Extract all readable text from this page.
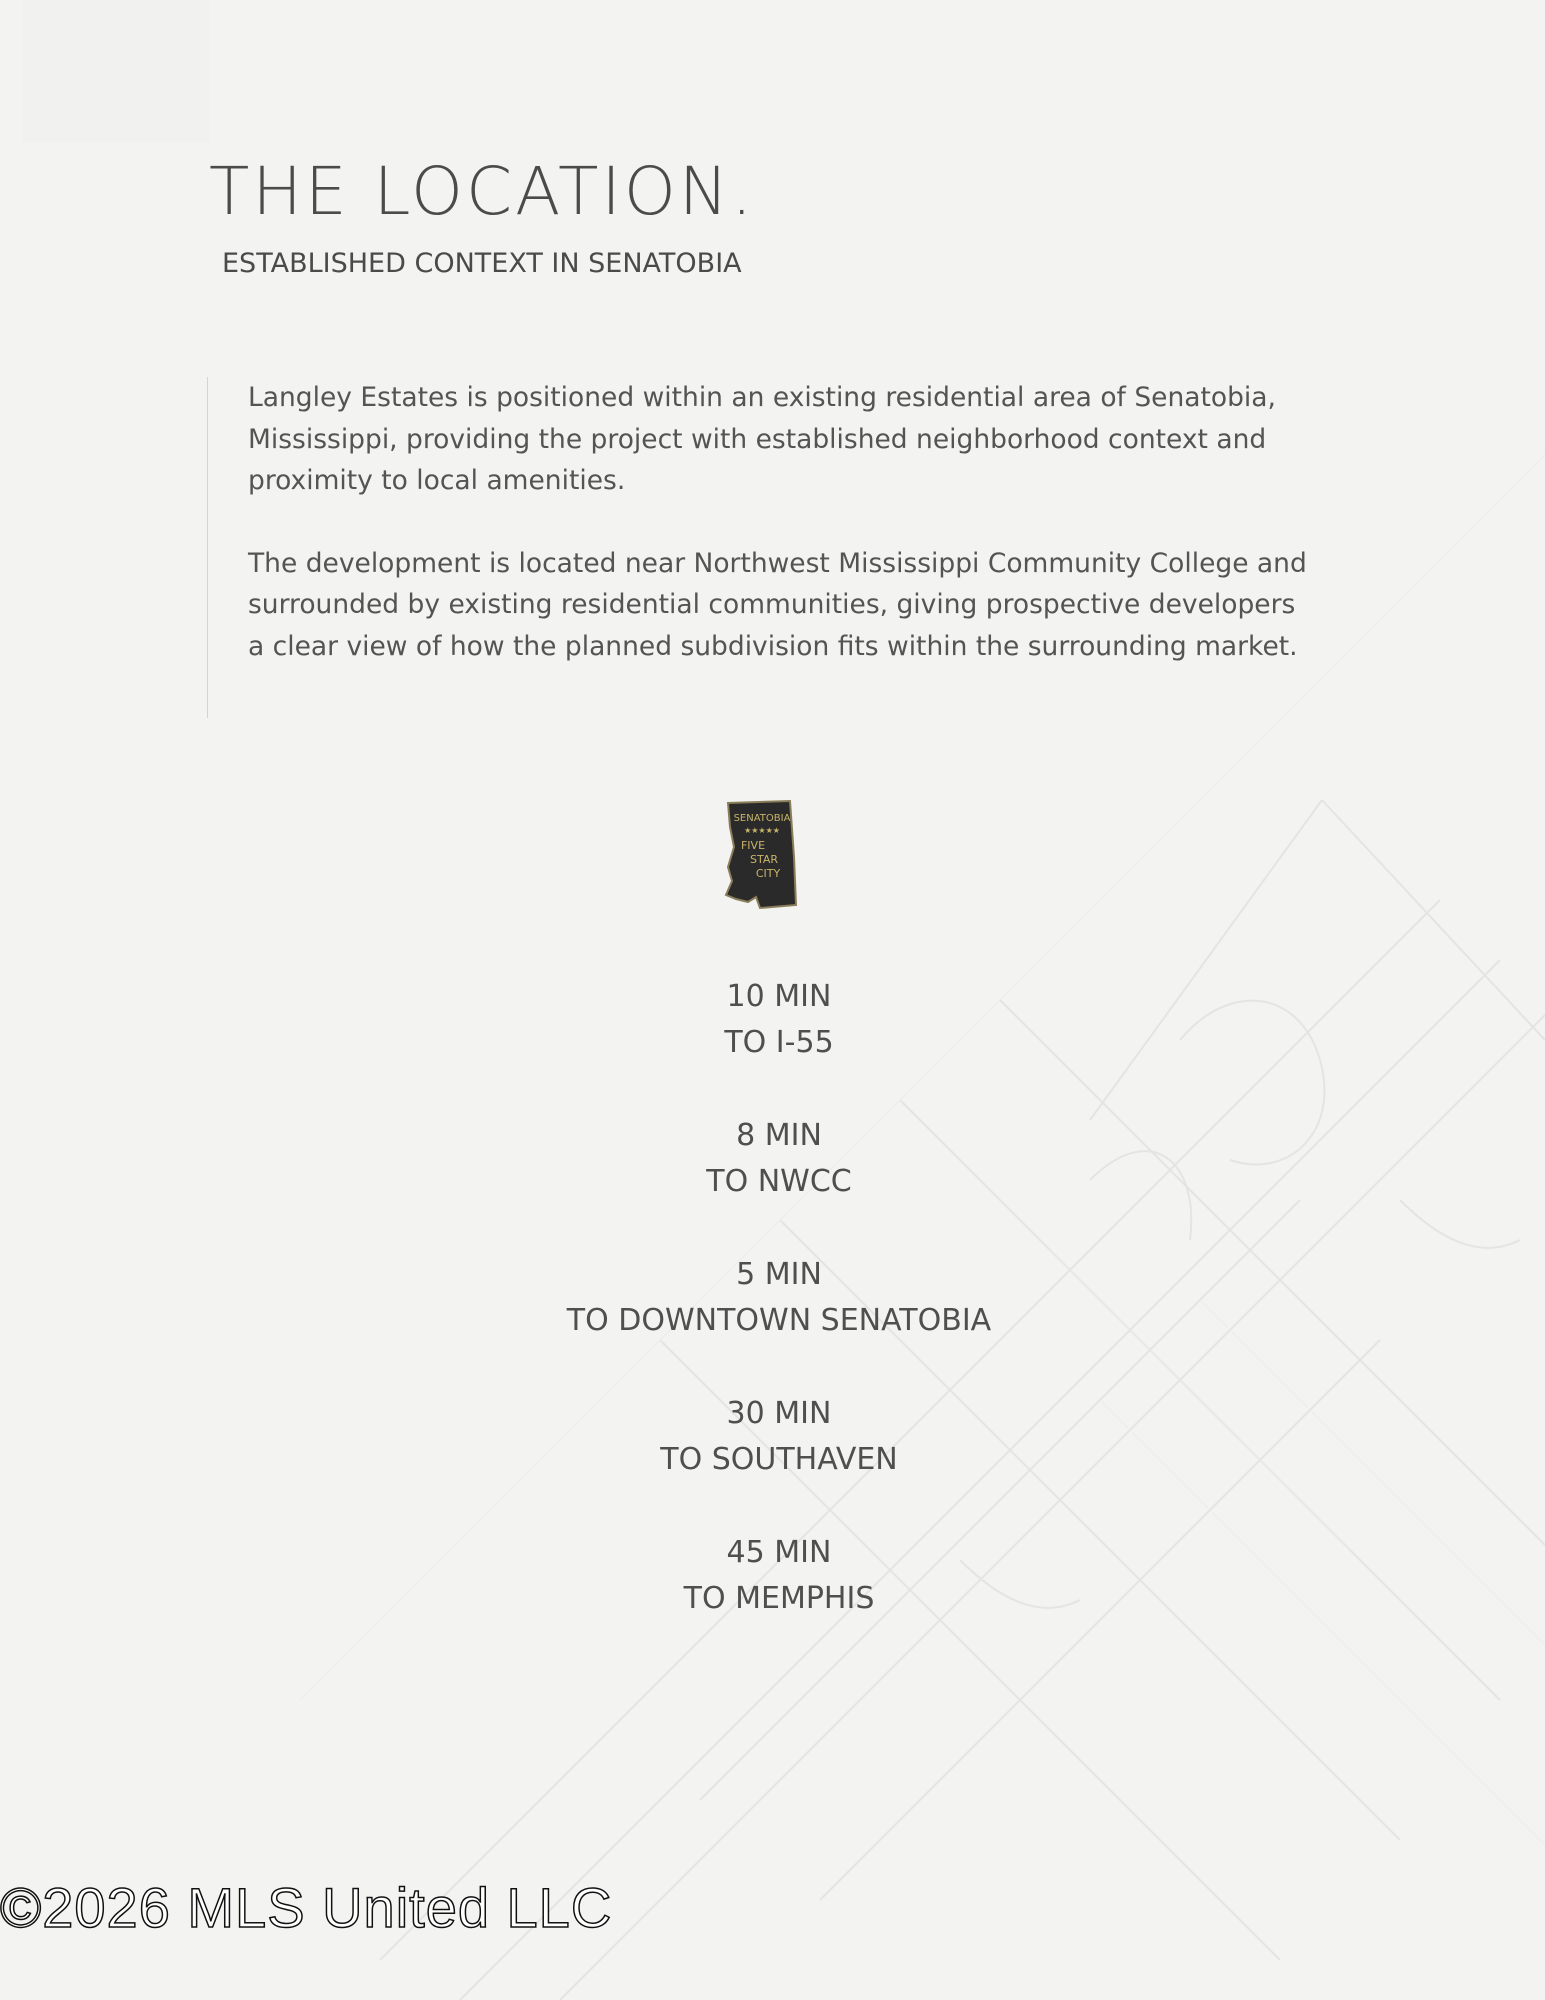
THE LOCATION.
ESTABLISHED CONTEXT IN SENATOBIA

Langley Estates is positioned within an existing residential area of Senatobia, Mississippi, providing the project with established neighborhood context and proximity to local amenities.

The development is located near Northwest Mississippi Community College and surrounded by existing residential communities, giving prospective developers a clear view of how the planned subdivision fits within the surrounding market.

SENATOBIA
★★★★★
FIVE
STAR
CITY
10 MIN
TO I-55
8 MIN
TO NWCC
5 MIN
TO DOWNTOWN SENATOBIA
30 MIN
TO SOUTHAVEN
45 MIN
TO MEMPHIS
©2026 MLS United LLC
